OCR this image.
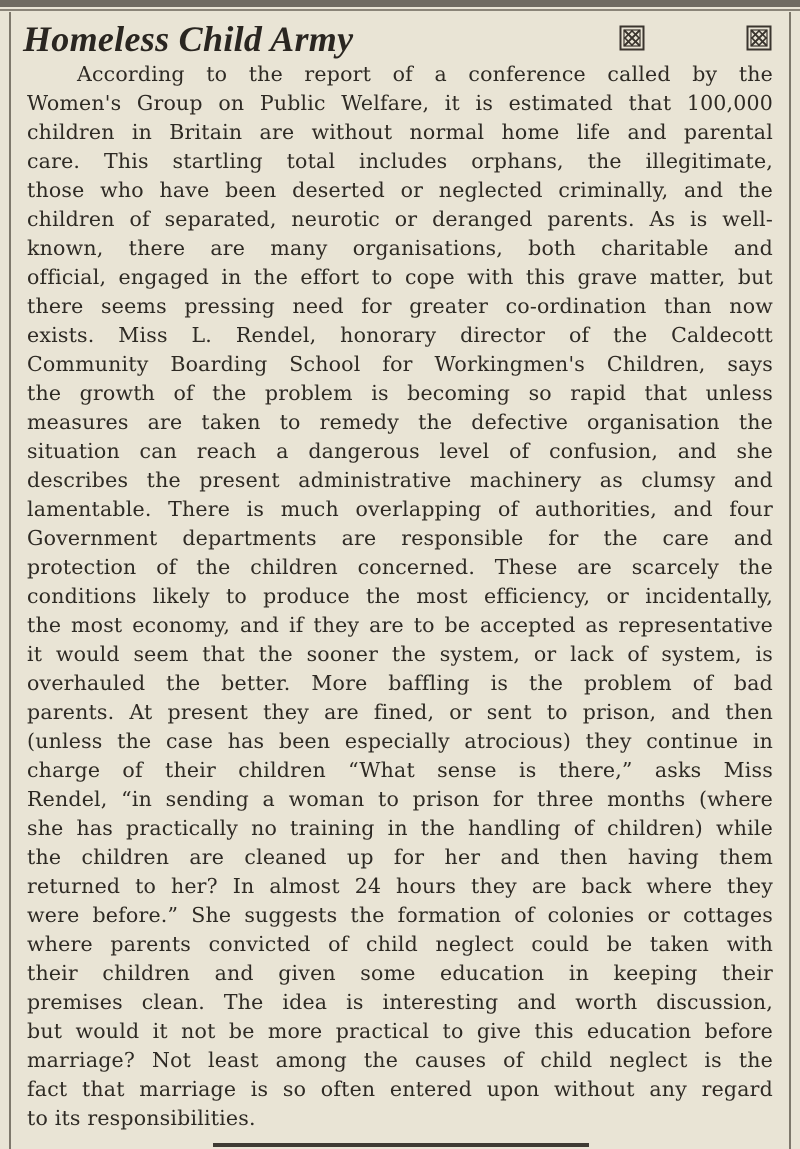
Homeless Child Army
According to the report of a conference called by the
Women's Group on Public Welfare, it is estimated that 100,000
children in Britain are without normal home life and parental
care. This startling total includes orphans, the illegitimate,
those who have been deserted or neglected criminally, and the
children of separated, neurotic or deranged parents. As is well-
known, there are many organisations, both charitable and
official, engaged in the effort to cope with this grave matter, but
there seems pressing need for greater co-ordination than now
exists. Miss L. Rendel, honorary director of the Caldecott
Community Boarding School for Workingmen's Children, says
the growth of the problem is becoming so rapid that unless
measures are taken to remedy the defective organisation the
situation can reach a dangerous level of confusion, and she
describes the present administrative machinery as clumsy and
lamentable. There is much overlapping of authorities, and four
Government departments are responsible for the care and
protection of the children concerned. These are scarcely the
conditions likely to produce the most efficiency, or incidentally,
the most economy, and if they are to be accepted as representative
it would seem that the sooner the system, or lack of system, is
overhauled the better. More baffling is the problem of bad
parents. At present they are fined, or sent to prison, and then
(unless the case has been especially atrocious) they continue in
charge of their children “What sense is there,” asks Miss
Rendel, “in sending a woman to prison for three months (where
she has practically no training in the handling of children) while
the children are cleaned up for her and then having them
returned to her? In almost 24 hours they are back where they
were before.” She suggests the formation of colonies or cottages
where parents convicted of child neglect could be taken with
their children and given some education in keeping their
premises clean. The idea is interesting and worth discussion,
but would it not be more practical to give this education before
marriage? Not least among the causes of child neglect is the
fact that marriage is so often entered upon without any regard
to its responsibilities.
